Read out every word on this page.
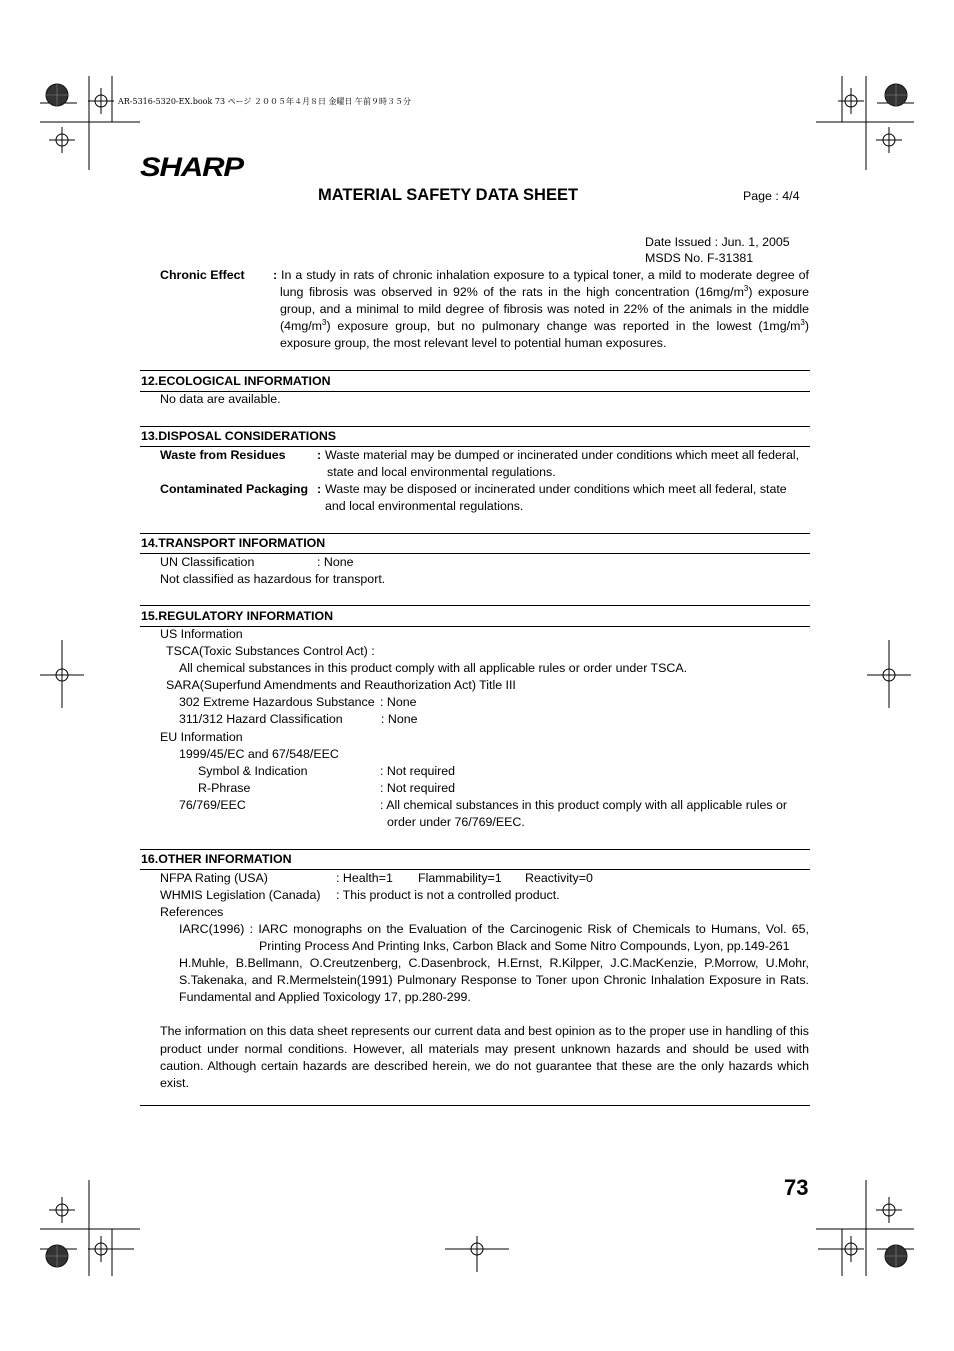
AR-5316-5320-EX.book 73 ページ ２００５年４月８日 金曜日 午前９時３５分
SHARP
MATERIAL SAFETY DATA SHEET	Page : 4/4
Date Issued : Jun. 1, 2005
MSDS No. F-31381
Chronic Effect : In a study in rats of chronic inhalation exposure to a typical toner, a mild to moderate degree of
lung fibrosis was observed in 92% of the rats in the high concentration $(16mg/m^3)$ exposure
group, and a minimal to mild degree of fibrosis was noted in 22% of the animals in the middle
$(4mg/m^3)$ exposure group, but no pulmonary change was reported in the lowest $(1mg/m^3)$
exposure group, the most relevant level to potential human exposures.
12.ECOLOGICAL INFORMATION
No data are available.
13.DISPOSAL CONSIDERATIONS
Waste from Residues	: Waste material may be dumped or incinerated under conditions which meet all federal,
state and local environmental regulations.
Contaminated Packaging : Waste may be disposed or incinerated under conditions which meet all federal, state
and local environmental regulations.
14.TRANSPORT INFORMATION
UN Classification	: None
Not classified as hazardous for transport.
15.REGULATORY INFORMATION
US Information
TSCA(Toxic Substances Control Act) :
All chemical substances in this product comply with all applicable rules or order under TSCA.
SARA(Superfund Amendments and Reauthorization Act) Title III
302 Extreme Hazardous Substance : None
311/312 Hazard Classification	: None
EU Information
1999/45/EC and 67/548/EEC
Symbol & Indication	: Not required
R-Phrase	: Not required
76/769/EEC	: All chemical substances in this product comply with all applicable rules or
order under 76/769/EEC.
16.OTHER INFORMATION
NFPA Rating (USA)	: Health=1 Flammability=1 Reactivity=0
WHMIS Legislation (Canada) : This product is not a controlled product.
References
IARC(1996) : IARC monographs on the Evaluation of the Carcinogenic Risk of Chemicals to Humans, Vol. 65,
Printing Process And Printing Inks, Carbon Black and Some Nitro Compounds, Lyon, pp.149-261
H.Muhle, B.Bellmann, O.Creutzenberg, C.Dasenbrock, H.Ernst, R.Kilpper, J.C.MacKenzie, P.Morrow, U.Mohr,
S.Takenaka, and R.Mermelstein(1991) Pulmonary Response to Toner upon Chronic Inhalation Exposure in Rats.
Fundamental and Applied Toxicology 17, pp.280-299.
The information on this data sheet represents our current data and best opinion as to the proper use in handling of this
product under normal conditions. However, all materials may present unknown hazards and should be used with
caution. Although certain hazards are described herein, we do not guarantee that these are the only hazards which
exist.
73
